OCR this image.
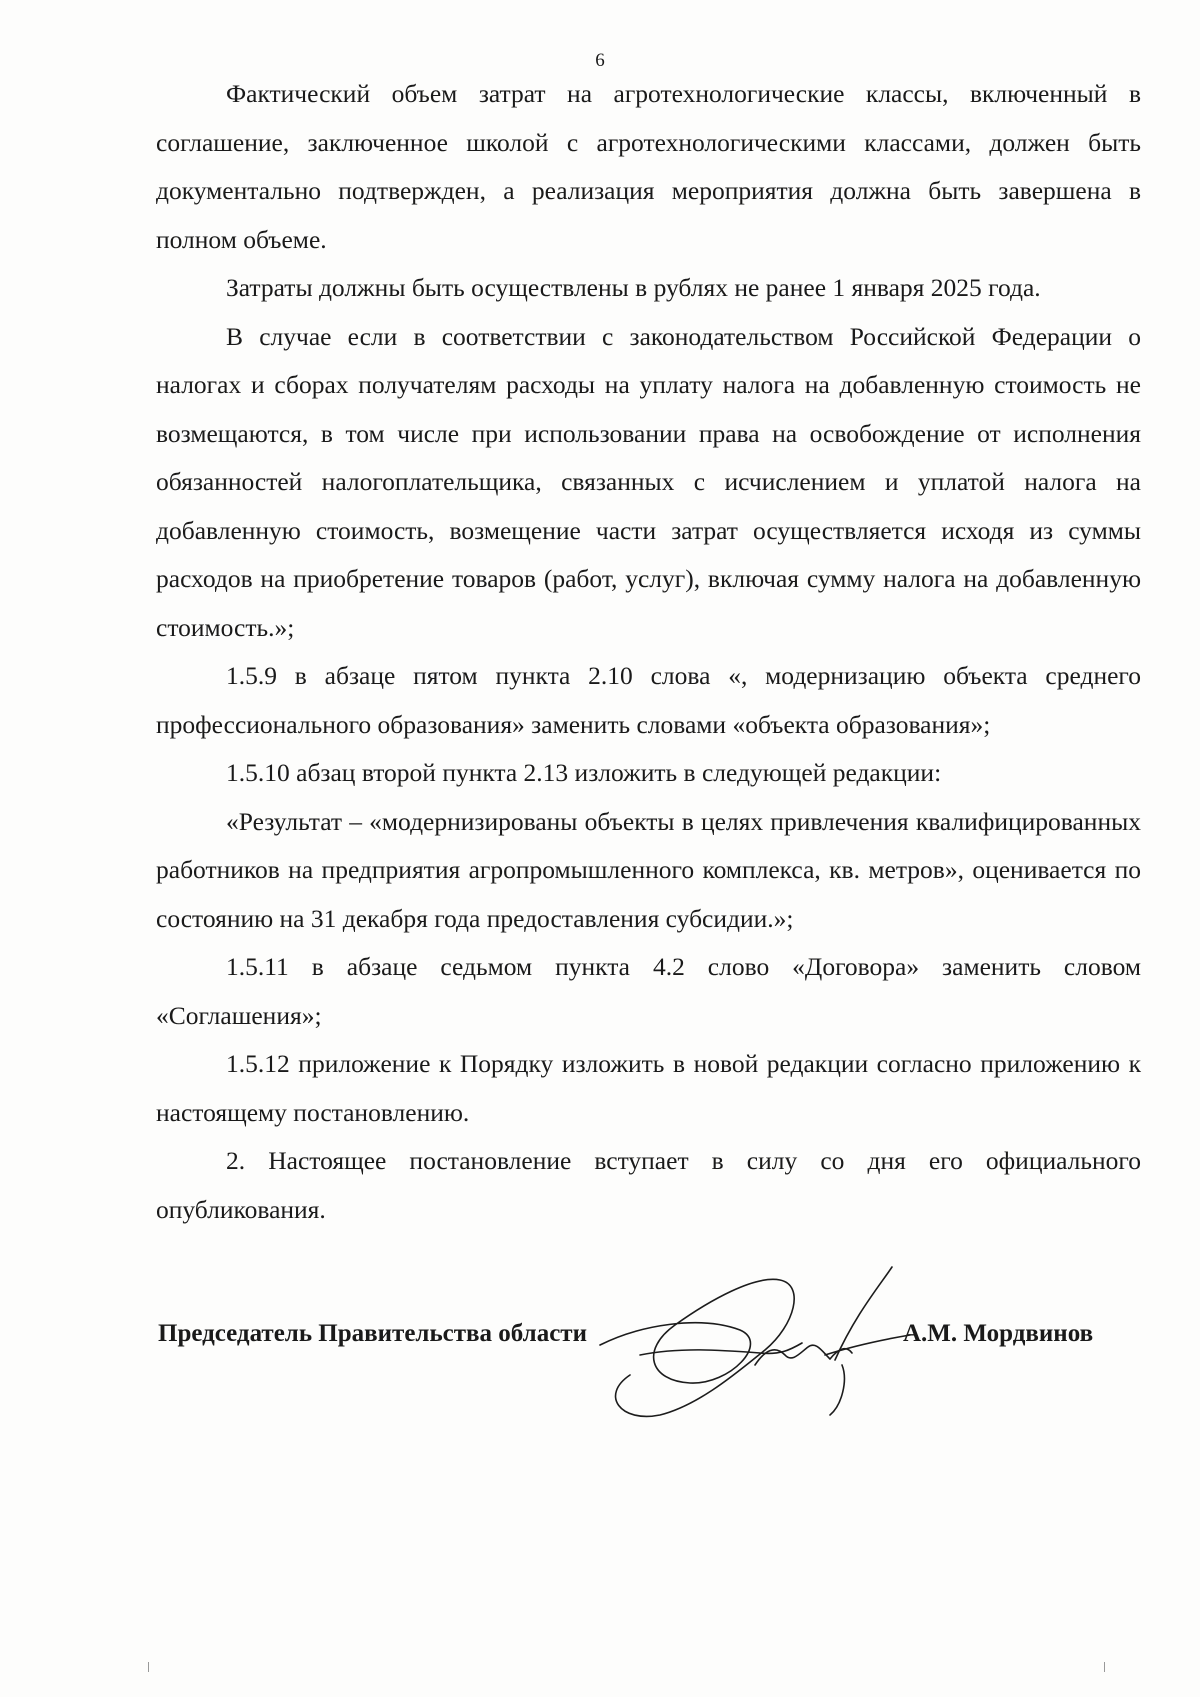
6

Фактический объем затрат на агротехнологические классы, включенный в соглашение, заключенное школой с агротехнологическими классами, должен быть документально подтвержден, а реализация мероприятия должна быть завершена в полном объеме.

Затраты должны быть осуществлены в рублях не ранее 1 января 2025 года.

В случае если в соответствии с законодательством Российской Федерации о налогах и сборах получателям расходы на уплату налога на добавленную стоимость не возмещаются, в том числе при использовании права на освобождение от исполнения обязанностей налогоплательщика, связанных с исчислением и уплатой налога на добавленную стоимость, возмещение части затрат осуществляется исходя из суммы расходов на приобретение товаров (работ, услуг), включая сумму налога на добавленную стоимость.»;

1.5.9 в абзаце пятом пункта 2.10 слова «, модернизацию объекта среднего профессионального образования» заменить словами «объекта образования»;

1.5.10 абзац второй пункта 2.13 изложить в следующей редакции:

«Результат – «модернизированы объекты в целях привлечения квалифицированных работников на предприятия агропромышленного комплекса, кв. метров», оценивается по состоянию на 31 декабря года предоставления субсидии.»;

1.5.11 в абзаце седьмом пункта 4.2 слово «Договора» заменить словом «Соглашения»;

1.5.12 приложение к Порядку изложить в новой редакции согласно приложению к настоящему постановлению.

2. Настоящее постановление вступает в силу со дня его официального опубликования.

Председатель Правительства области	А.М. Мордвинов
